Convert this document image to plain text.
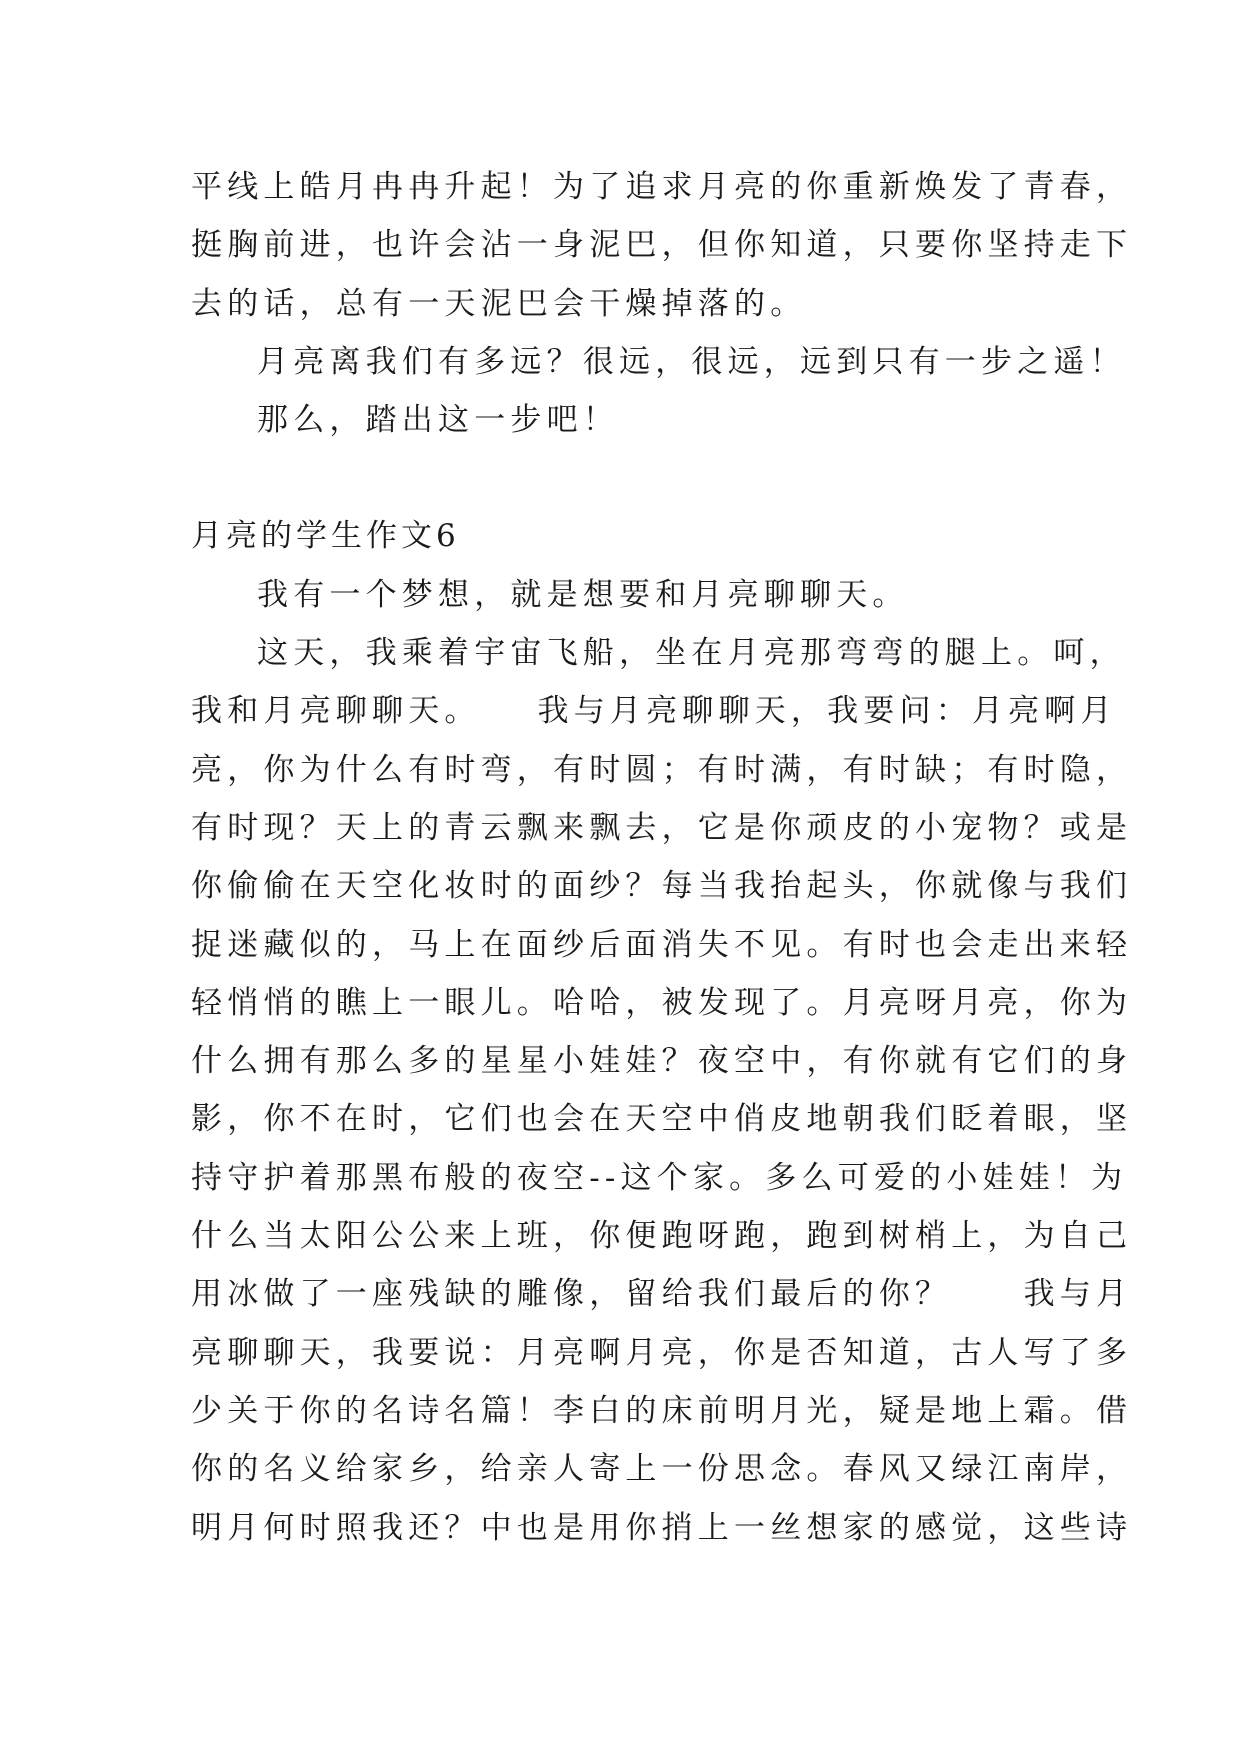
平线上皓月冉冉升起！为了追求月亮的你重新焕发了青春，
挺胸前进，也许会沾一身泥巴，但你知道，只要你坚持走下
去的话，总有一天泥巴会干燥掉落的。
月亮离我们有多远？很远，很远，远到只有一步之遥！
那么，踏出这一步吧！
月亮的学生作文6
我有一个梦想，就是想要和月亮聊聊天。
这天，我乘着宇宙飞船，坐在月亮那弯弯的腿上。呵，
我和月亮聊聊天。　　我与月亮聊聊天，我要问：月亮啊月
亮，你为什么有时弯，有时圆；有时满，有时缺；有时隐，
有时现？天上的青云飘来飘去，它是你顽皮的小宠物？或是
你偷偷在天空化妆时的面纱？每当我抬起头，你就像与我们
捉迷藏似的，马上在面纱后面消失不见。有时也会走出来轻
轻悄悄的瞧上一眼儿。哈哈，被发现了。月亮呀月亮，你为
什么拥有那么多的星星小娃娃？夜空中，有你就有它们的身
影，你不在时，它们也会在天空中俏皮地朝我们眨着眼，坚
持守护着那黑布般的夜空--这个家。多么可爱的小娃娃！为
什么当太阳公公来上班，你便跑呀跑，跑到树梢上，为自己
用冰做了一座残缺的雕像，留给我们最后的你？　　我与月
亮聊聊天，我要说：月亮啊月亮，你是否知道，古人写了多
少关于你的名诗名篇！李白的床前明月光，疑是地上霜。借
你的名义给家乡，给亲人寄上一份思念。春风又绿江南岸，
明月何时照我还？中也是用你捎上一丝想家的感觉，这些诗
